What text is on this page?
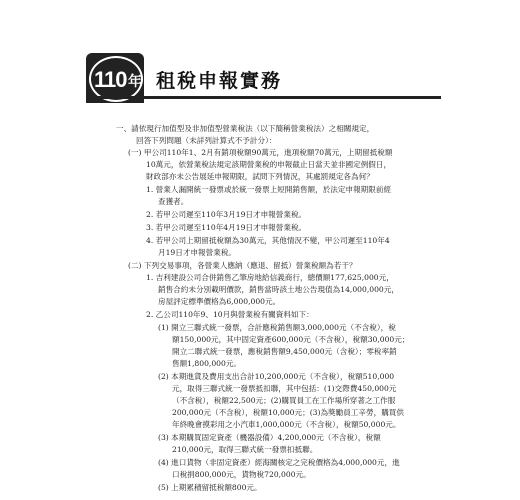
110 年 租稅申報實務
一、請依現行加值型及非加值型營業稅法（以下簡稱營業稅法）之相關規定，
回答下列問題（未詳列計算式不予計分）：
(一) 甲公司110年1、2月有銷項稅額90萬元，進項稅額70萬元，上期留抵稅額
10萬元，依營業稅法規定該期營業稅的申報截止日當天並非國定例假日，
財政部亦未公告展延申報期限，試問下列情況，其處罰規定各為何？
1. 營業人漏開統一發票或於統一發票上短開銷售額，於法定申報期限前經
查獲者。
2. 若甲公司遲至110年3月19日才申報營業稅。
3. 若甲公司遲至110年4月19日才申報營業稅。
4. 若甲公司上期留抵稅額為30萬元，其他情況不變，甲公司遲至110年4
月19日才申報營業稅。
(二) 下列交易事項，各營業人應納（應退、留抵）營業稅額為若干？
1. 吉利建設公司合併銷售乙筆房地給信義商行，總價額177,625,000元，
銷售合約未分別載明價款，銷售當時該土地公告現值為14,000,000元，
房屋評定標準價格為6,000,000元。
2. 乙公司110年9、10月與營業稅有關資料如下：
(1) 開立三聯式統一發票，合計應稅銷售額3,000,000元（不含稅），稅
額150,000元，其中固定資產600,000元（不含稅），稅額30,000元；
開立二聯式統一發票，應稅銷售額9,450,000元（含稅）；零稅率銷
售額1,800,000元。
(2) 本期進貨及費用支出合計10,200,000元（不含稅），稅額510,000
元，取得三聯式統一發票抵扣聯，其中包括：(1)交際費450,000元
（不含稅），稅額22,500元；(2)購買員工在工作場所穿著之工作服
200,000元（不含稅），稅額10,000元；(3)為獎勵員工辛勞，購買供
年終晚會摸彩用之小汽車1,000,000元（不含稅），稅額50,000元。
(3) 本期購買固定資產（機器設備）4,200,000元（不含稅），稅額
210,000元，取得三聯式統一發票扣抵聯。
(4) 進口貨物（非固定資產）經海關核定之完稅價格為4,000,000元，進
口稅捐800,000元，貨物稅720,000元。
(5) 上期累積留抵稅額800元。
